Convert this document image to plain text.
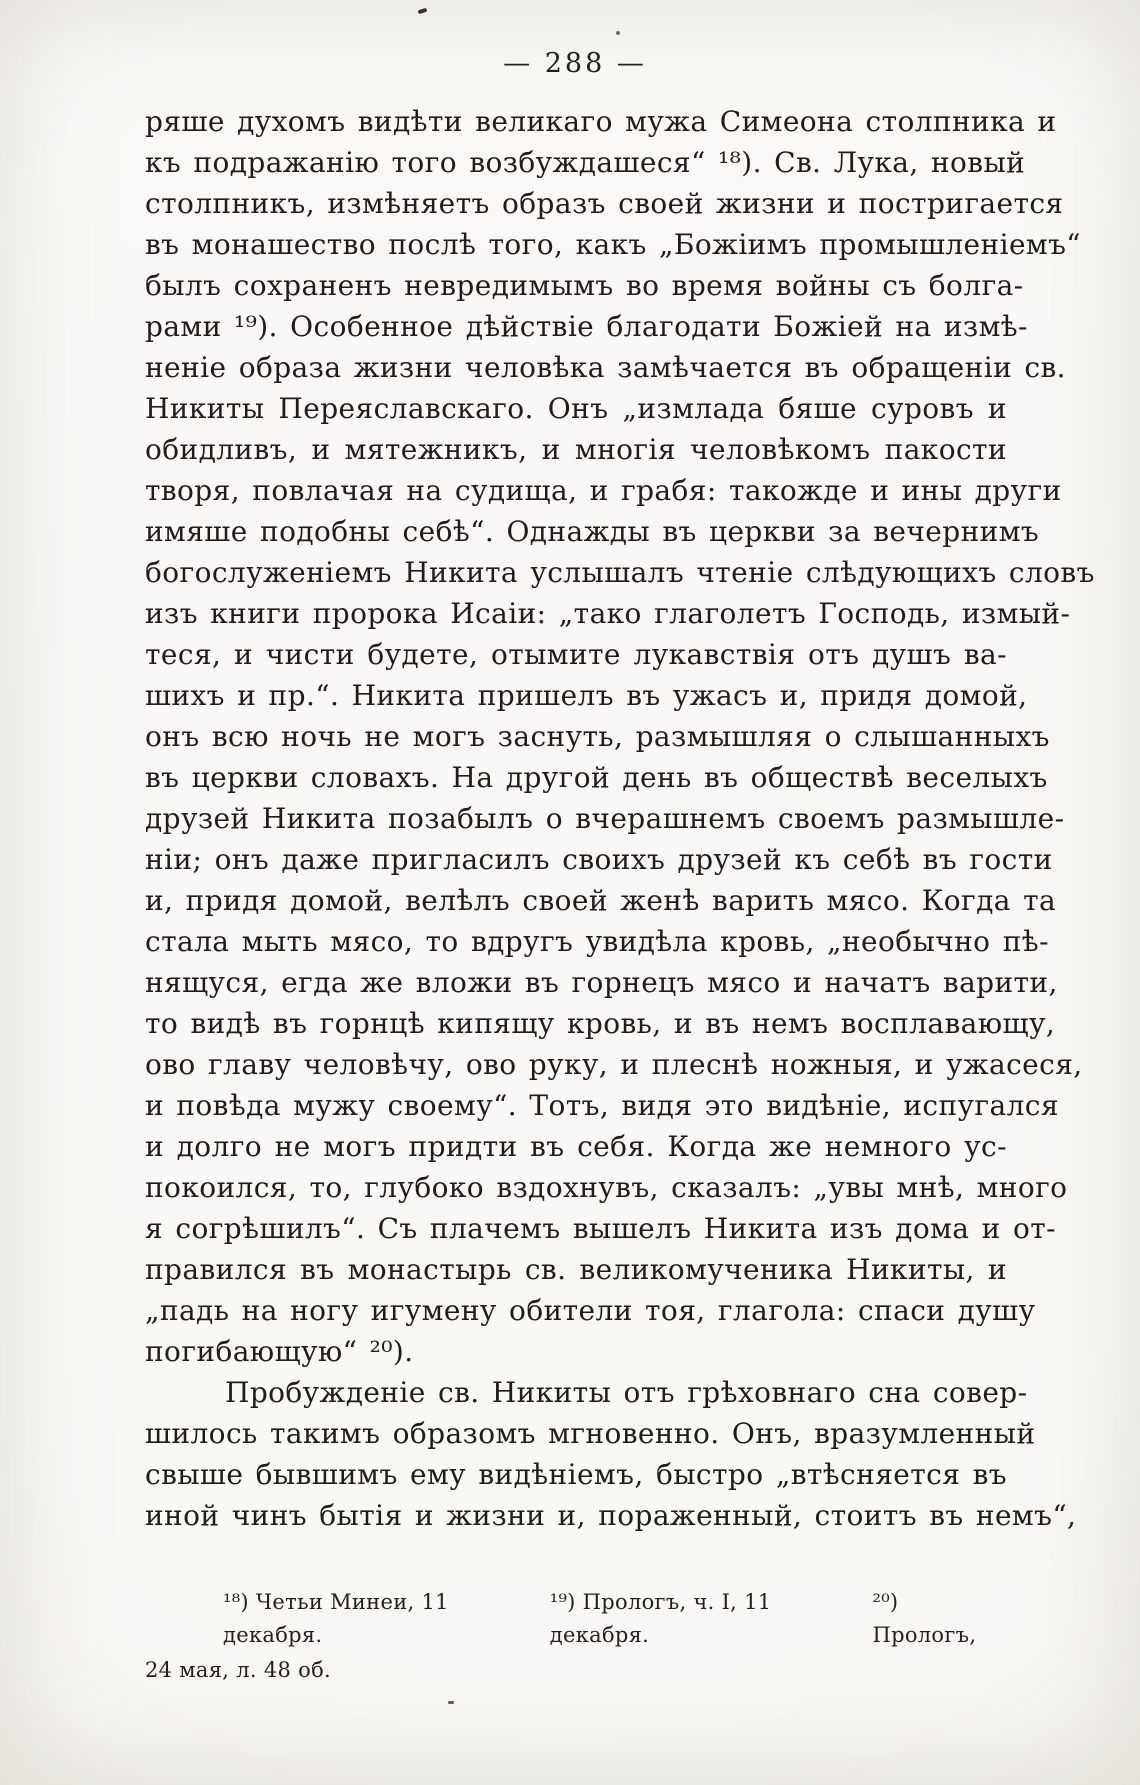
— 288 —
ряше духомъ видѣти великаго мужа Симеона столпника и
къ подражанію того возбуждашеся“ ¹⁸). Св. Лука, новый
столпникъ, измѣняетъ образъ своей жизни и постригается
въ монашество послѣ того, какъ „Божіимъ промышленіемъ“
былъ сохраненъ невредимымъ во время войны съ болга-
рами ¹⁹). Особенное дѣйствіе благодати Божіей на измѣ-
неніе образа жизни человѣка замѣчается въ обращеніи св.
Никиты Переяславскаго. Онъ „измлада бяше суровъ и
обидливъ, и мятежникъ, и многія человѣкомъ пакости
творя, повлачая на судища, и грабя: такожде и ины други
имяше подобны себѣ“. Однажды въ церкви за вечернимъ
богослуженіемъ Никита услышалъ чтеніе слѣдующихъ словъ
изъ книги пророка Исаіи: „тако глаголетъ Господь, измый-
теся, и чисти будете, отымите лукавствія отъ душъ ва-
шихъ и пр.“. Никита пришелъ въ ужасъ и, придя домой,
онъ всю ночь не могъ заснуть, размышляя о слышанныхъ
въ церкви словахъ. На другой день въ обществѣ веселыхъ
друзей Никита позабылъ о вчерашнемъ своемъ размышле-
ніи; онъ даже пригласилъ своихъ друзей къ себѣ въ гости
и, придя домой, велѣлъ своей женѣ варить мясо. Когда та
стала мыть мясо, то вдругъ увидѣла кровь, „необычно пѣ-
нящуся, егда же вложи въ горнецъ мясо и начатъ варити,
то видѣ въ горнцѣ кипящу кровь, и въ немъ восплавающу,
ово главу человѣчу, ово руку, и плеснѣ ножныя, и ужасеся,
и повѣда мужу своему“. Тотъ, видя это видѣніе, испугался
и долго не могъ придти въ себя. Когда же немного ус-
покоился, то, глубоко вздохнувъ, сказалъ: „увы мнѣ, много
я согрѣшилъ“. Съ плачемъ вышелъ Никита изъ дома и от-
правился въ монастырь св. великомученика Никиты, и
„падь на ногу игумену обители тоя, глагола: спаси душу
погибающую“ ²⁰).
Пробужденіе св. Никиты отъ грѣховнаго сна совер-
шилось такимъ образомъ мгновенно. Онъ, вразумленный
свыше бывшимъ ему видѣніемъ, быстро „втѣсняется въ
иной чинъ бытія и жизни и, пораженный, стоитъ въ немъ“,
¹⁸) Четьи Минеи, 11 декабря.
¹⁹) Прологъ, ч. I, 11 декабря.
²⁰) Прологъ,
24 мая, л. 48 об.
